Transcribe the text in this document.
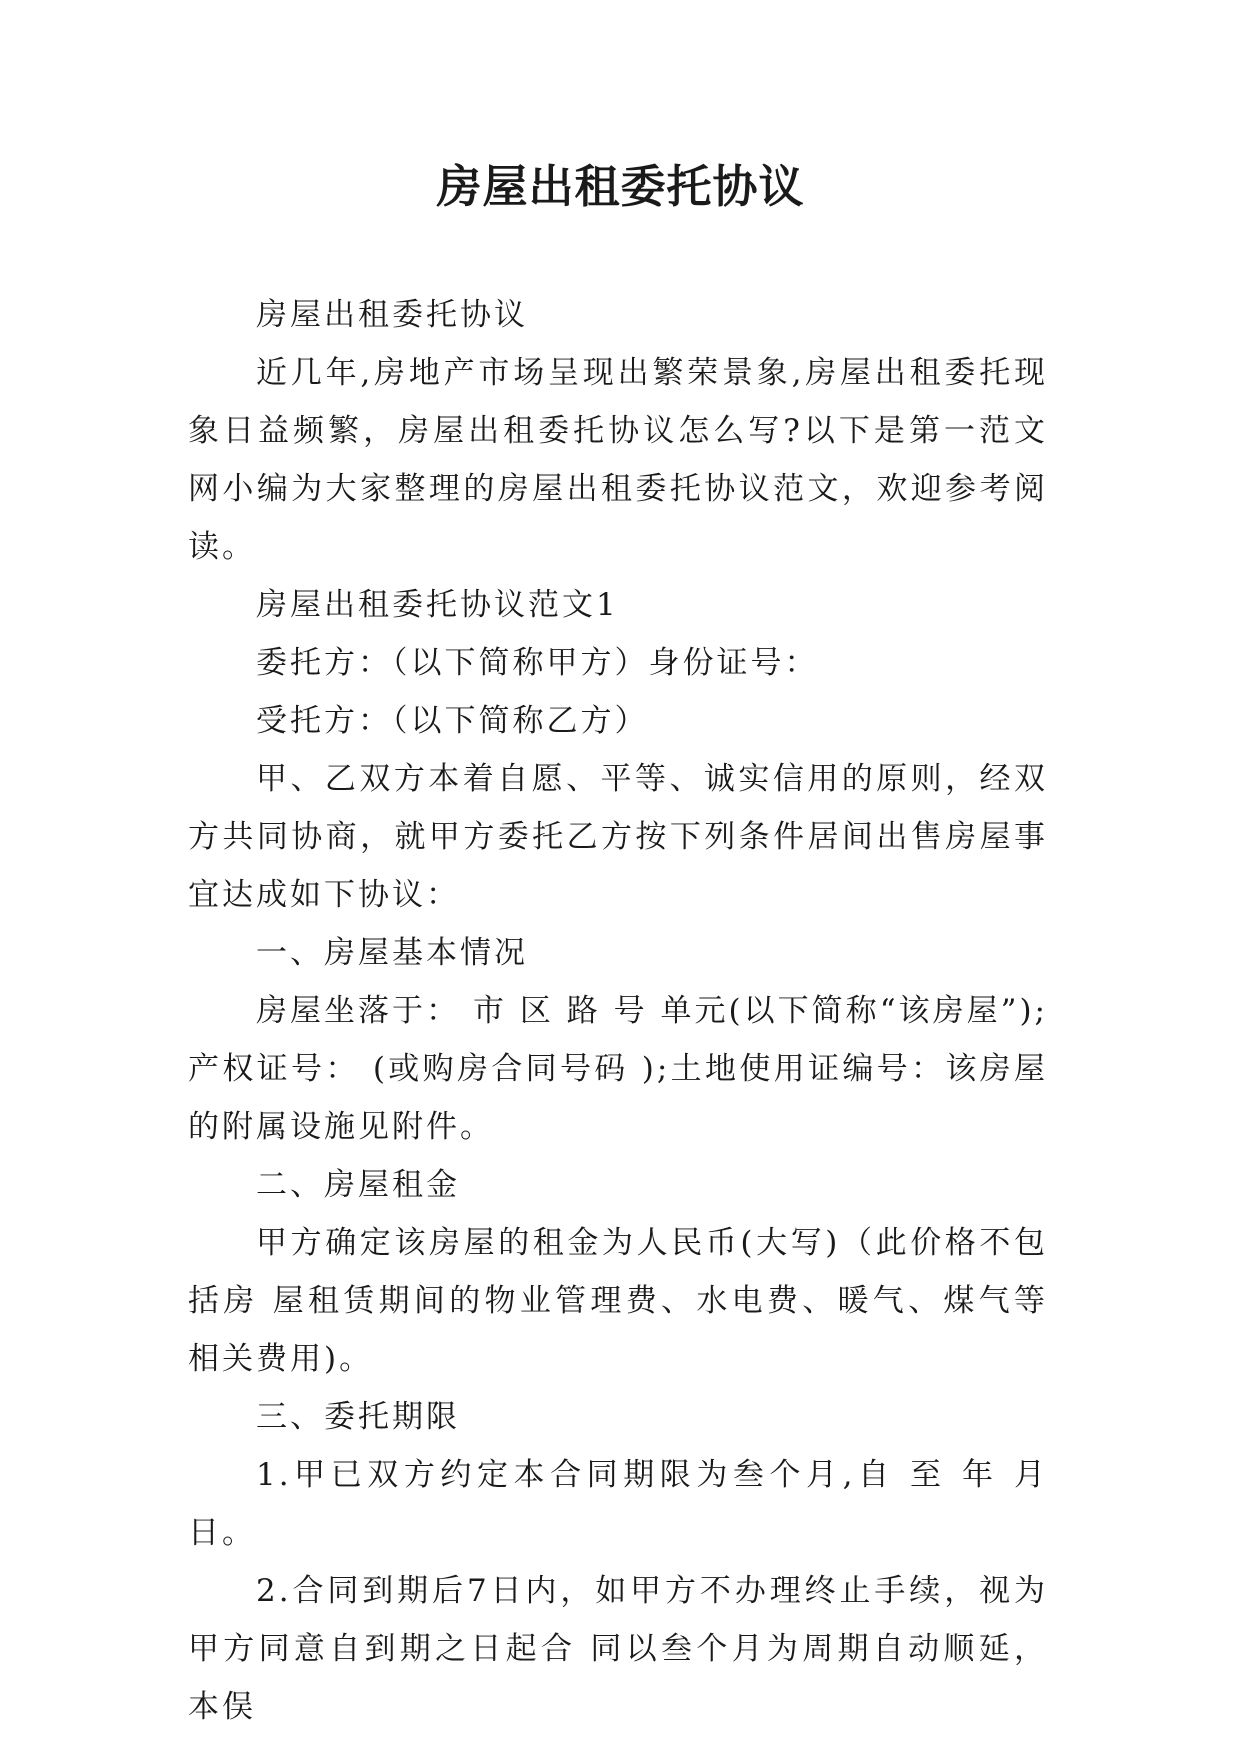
房屋出租委托协议

房屋出租委托协议

近几年,房地产市场呈现出繁荣景象,房屋出租委托现象日益频繁，房屋出租委托协议怎么写?以下是第一范文网小编为大家整理的房屋出租委托协议范文，欢迎参考阅读。

房屋出租委托协议范文1

委托方：（以下简称甲方）身份证号：

受托方：（以下简称乙方）

甲、乙双方本着自愿、平等、诚实信用的原则，经双方共同协商，就甲方委托乙方按下列条件居间出售房屋事宜达成如下协议：

一、房屋基本情况

房屋坐落于： 市 区 路 号 单元(以下简称“该房屋”);产权证号： (或购房合同号码 );土地使用证编号：该房屋的附属设施见附件。

二、房屋租金

甲方确定该房屋的租金为人民币(大写)（此价格不包括房 屋租赁期间的物业管理费、水电费、暖气、煤气等相关费用)。

三、委托期限

1.甲已双方约定本合同期限为叁个月,自 至 年 月 日。

2.合同到期后7日内，如甲方不办理终止手续，视为甲方同意自到期之日起合 同以叁个月为周期自动顺延，本俣
